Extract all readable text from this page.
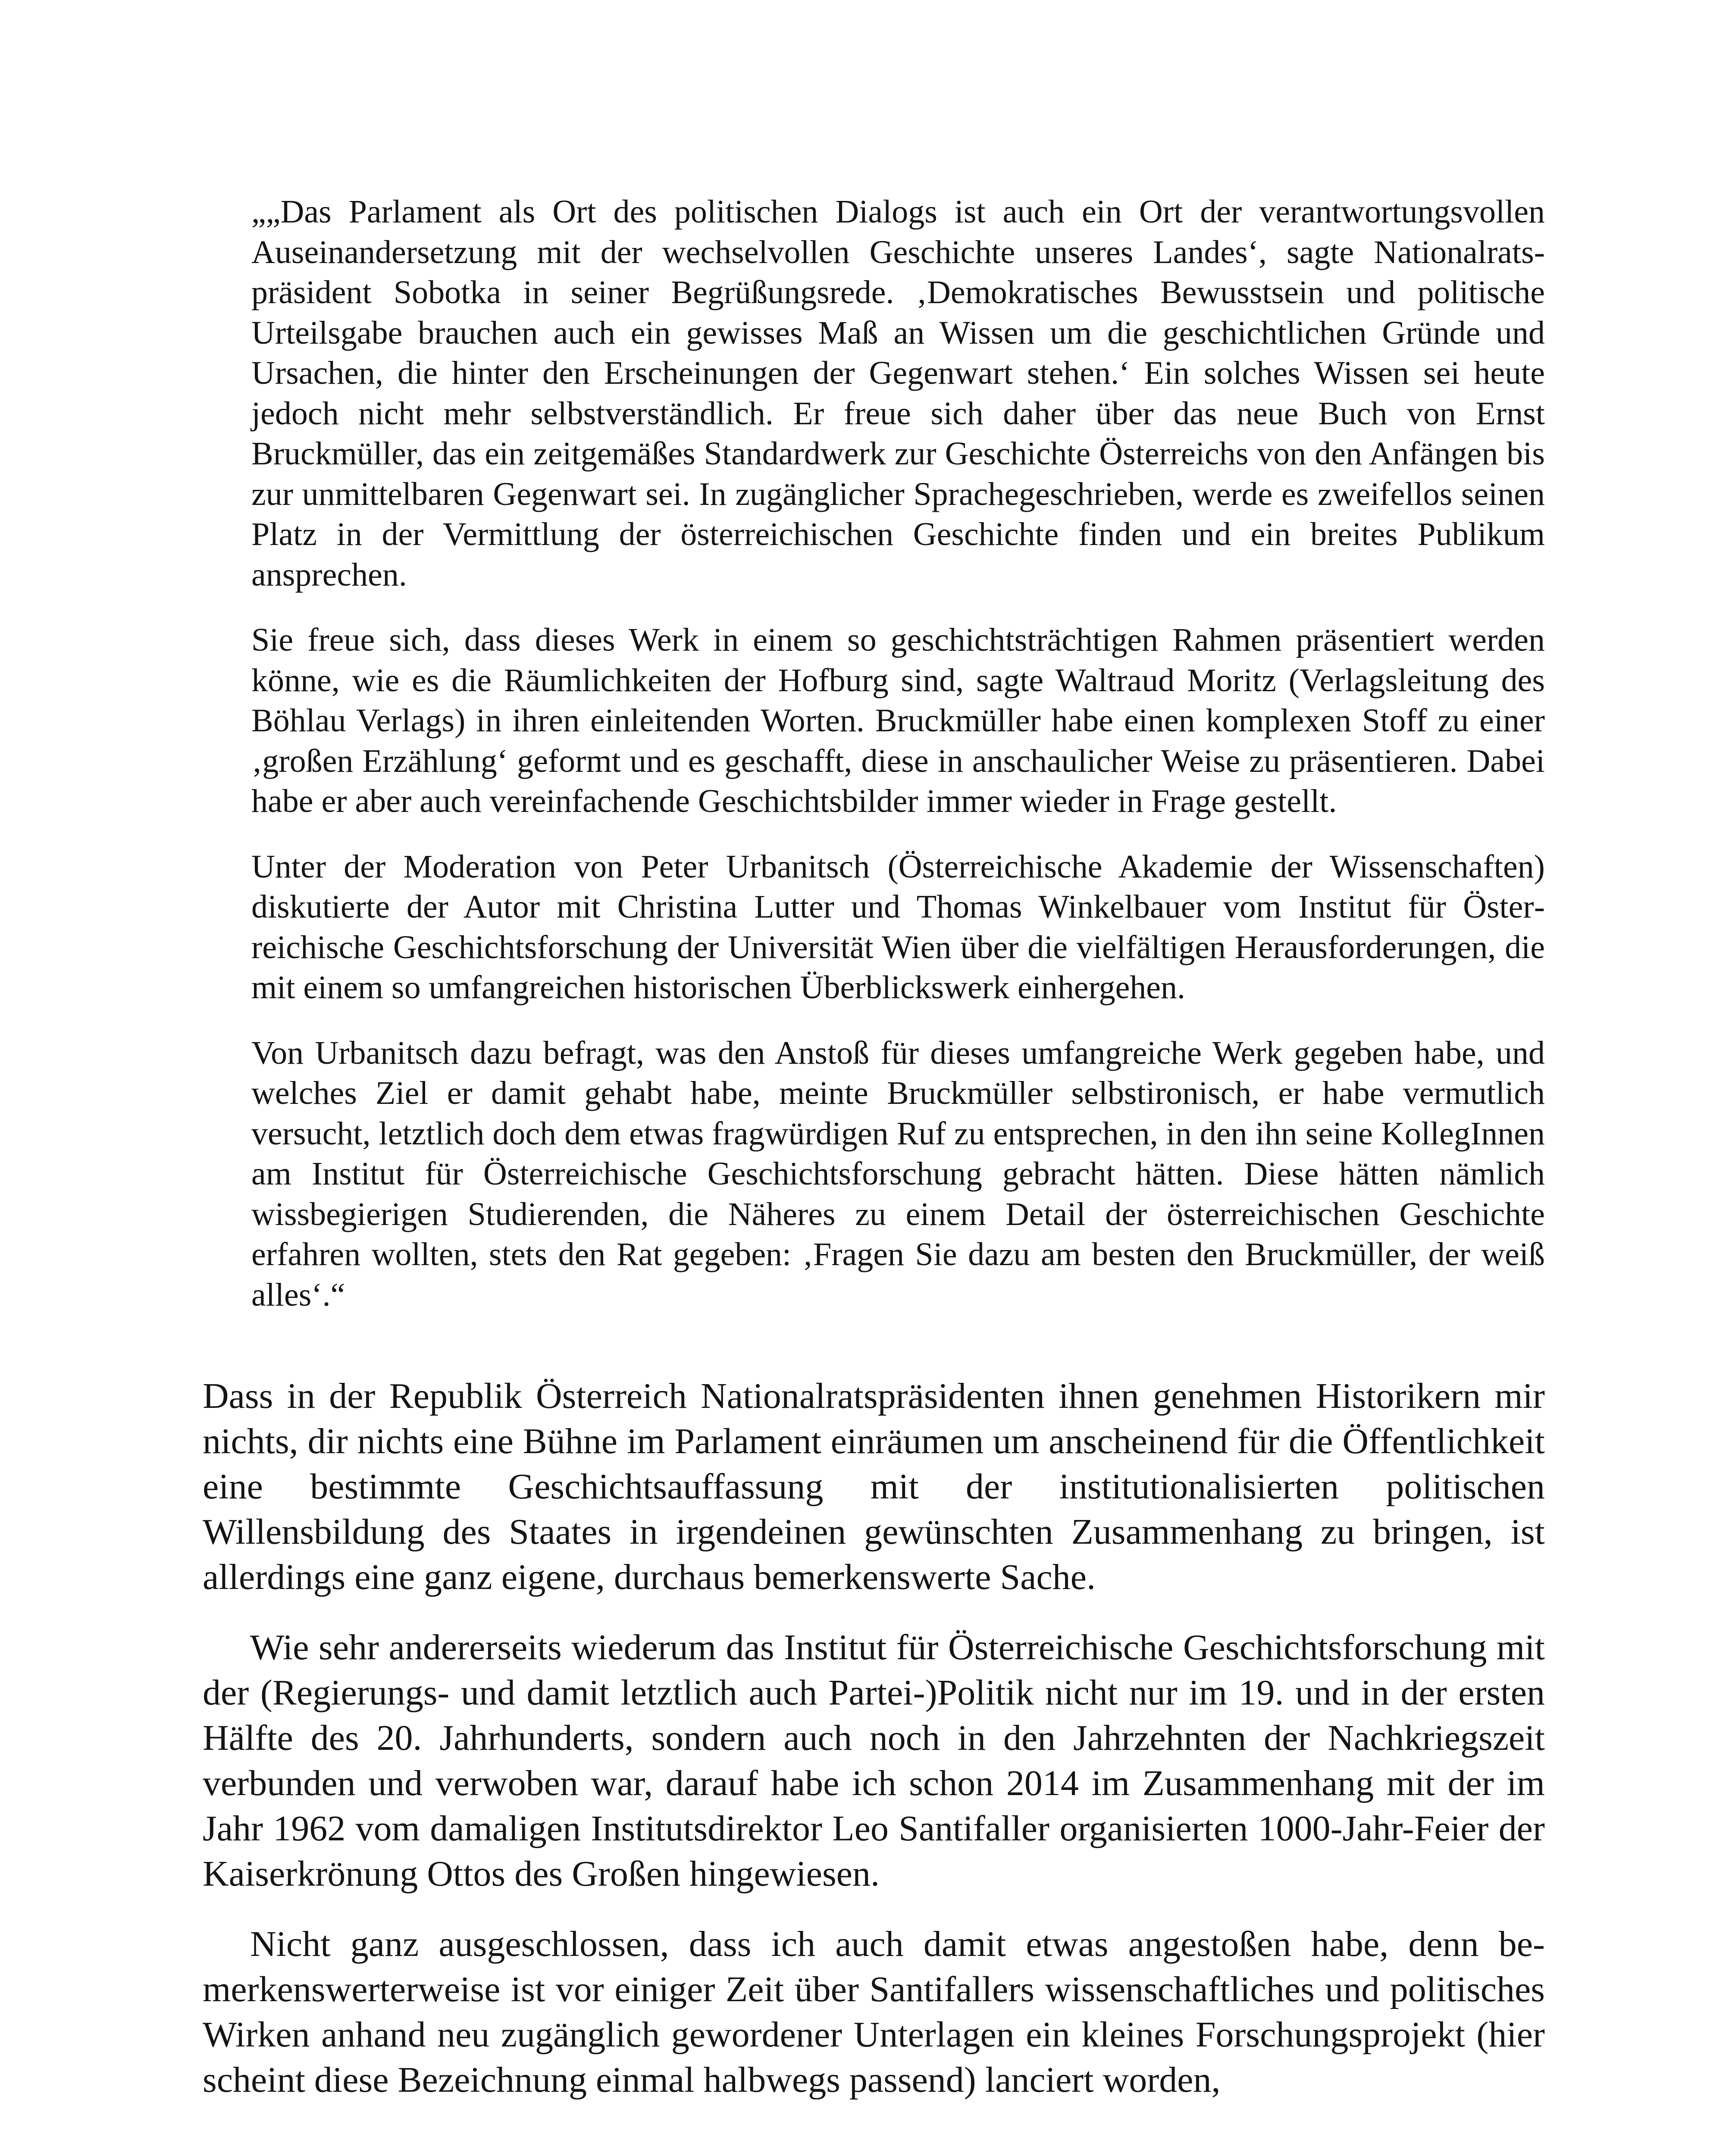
„„Das Parlament als Ort des politischen Dialogs ist auch ein Ort der verantwortungsvollen Auseinandersetzung mit der wechselvollen Geschichte unseres Landes‘, sagte Nationalratspräsident Sobotka in seiner Begrüßungsrede. ‚Demokratisches Bewusstsein und politische Urteilsgabe brauchen auch ein gewisses Maß an Wissen um die geschichtlichen Gründe und Ursachen, die hinter den Erscheinungen der Gegenwart stehen.‘ Ein solches Wissen sei heute jedoch nicht mehr selbstverständlich. Er freue sich daher über das neue Buch von Ernst Bruckmüller, das ein zeitgemäßes Standardwerk zur Geschichte Österreichs von den Anfängen bis zur unmittelbaren Gegenwart sei. In zugänglicher Sprachegeschrieben, werde es zweifellos seinen Platz in der Vermittlung der österreichischen Geschichte finden und ein breites Publikum ansprechen.

Sie freue sich, dass dieses Werk in einem so geschichtsträchtigen Rahmen präsentiert werden könne, wie es die Räumlichkeiten der Hofburg sind, sagte Waltraud Moritz (Verlagsleitung des Böhlau Verlags) in ihren einleitenden Worten. Bruckmüller habe einen komplexen Stoff zu einer ‚großen Erzählung‘ geformt und es geschafft, diese in anschaulicher Weise zu präsentieren. Dabei habe er aber auch vereinfachende Geschichtsbilder immer wieder in Frage gestellt.

Unter der Moderation von Peter Urbanitsch (Österreichische Akademie der Wissenschaften) diskutierte der Autor mit Christina Lutter und Thomas Winkelbauer vom Institut für Österreichische Geschichtsforschung der Universität Wien über die vielfältigen Herausforderungen, die mit einem so umfangreichen historischen Überblickswerk einhergehen.

Von Urbanitsch dazu befragt, was den Anstoß für dieses umfangreiche Werk gegeben habe, und welches Ziel er damit gehabt habe, meinte Bruckmüller selbstironisch, er habe vermutlich versucht, letztlich doch dem etwas fragwürdigen Ruf zu entsprechen, in den ihn seine KollegInnen am Institut für Österreichische Geschichtsforschung gebracht hätten. Diese hätten nämlich wissbegierigen Studierenden, die Näheres zu einem Detail der österreichischen Geschichte erfahren wollten, stets den Rat gegeben: ‚Fragen Sie dazu am besten den Bruckmüller, der weiß alles‘.“

Dass in der Republik Österreich Nationalratspräsidenten ihnen genehmen Historikern mir nichts, dir nichts eine Bühne im Parlament einräumen um anscheinend für die Öffentlichkeit eine bestimmte Geschichtsauffassung mit der institutionalisierten politischen Willensbildung des Staates in irgendeinen gewünschten Zusammenhang zu bringen, ist allerdings eine ganz eigene, durchaus bemerkenswerte Sache.

Wie sehr andererseits wiederum das Institut für Österreichische Geschichtsforschung mit der (Regierungs- und damit letztlich auch Partei-)Politik nicht nur im 19. und in der ersten Hälfte des 20. Jahrhunderts, sondern auch noch in den Jahrzehnten der Nachkriegszeit verbunden und verwoben war, darauf habe ich schon 2014 im Zusammenhang mit der im Jahr 1962 vom damaligen Institutsdirektor Leo Santifaller organisierten 1000-Jahr-Feier der Kaiserkrönung Ottos des Großen hingewiesen.

Nicht ganz ausgeschlossen, dass ich auch damit etwas angestoßen habe, denn bemerkenswerterweise ist vor einiger Zeit über Santifallers wissenschaftliches und politisches Wirken anhand neu zugänglich gewordener Unterlagen ein kleines Forschungsprojekt (hier scheint diese Bezeichnung einmal halbwegs passend) lanciert worden,
